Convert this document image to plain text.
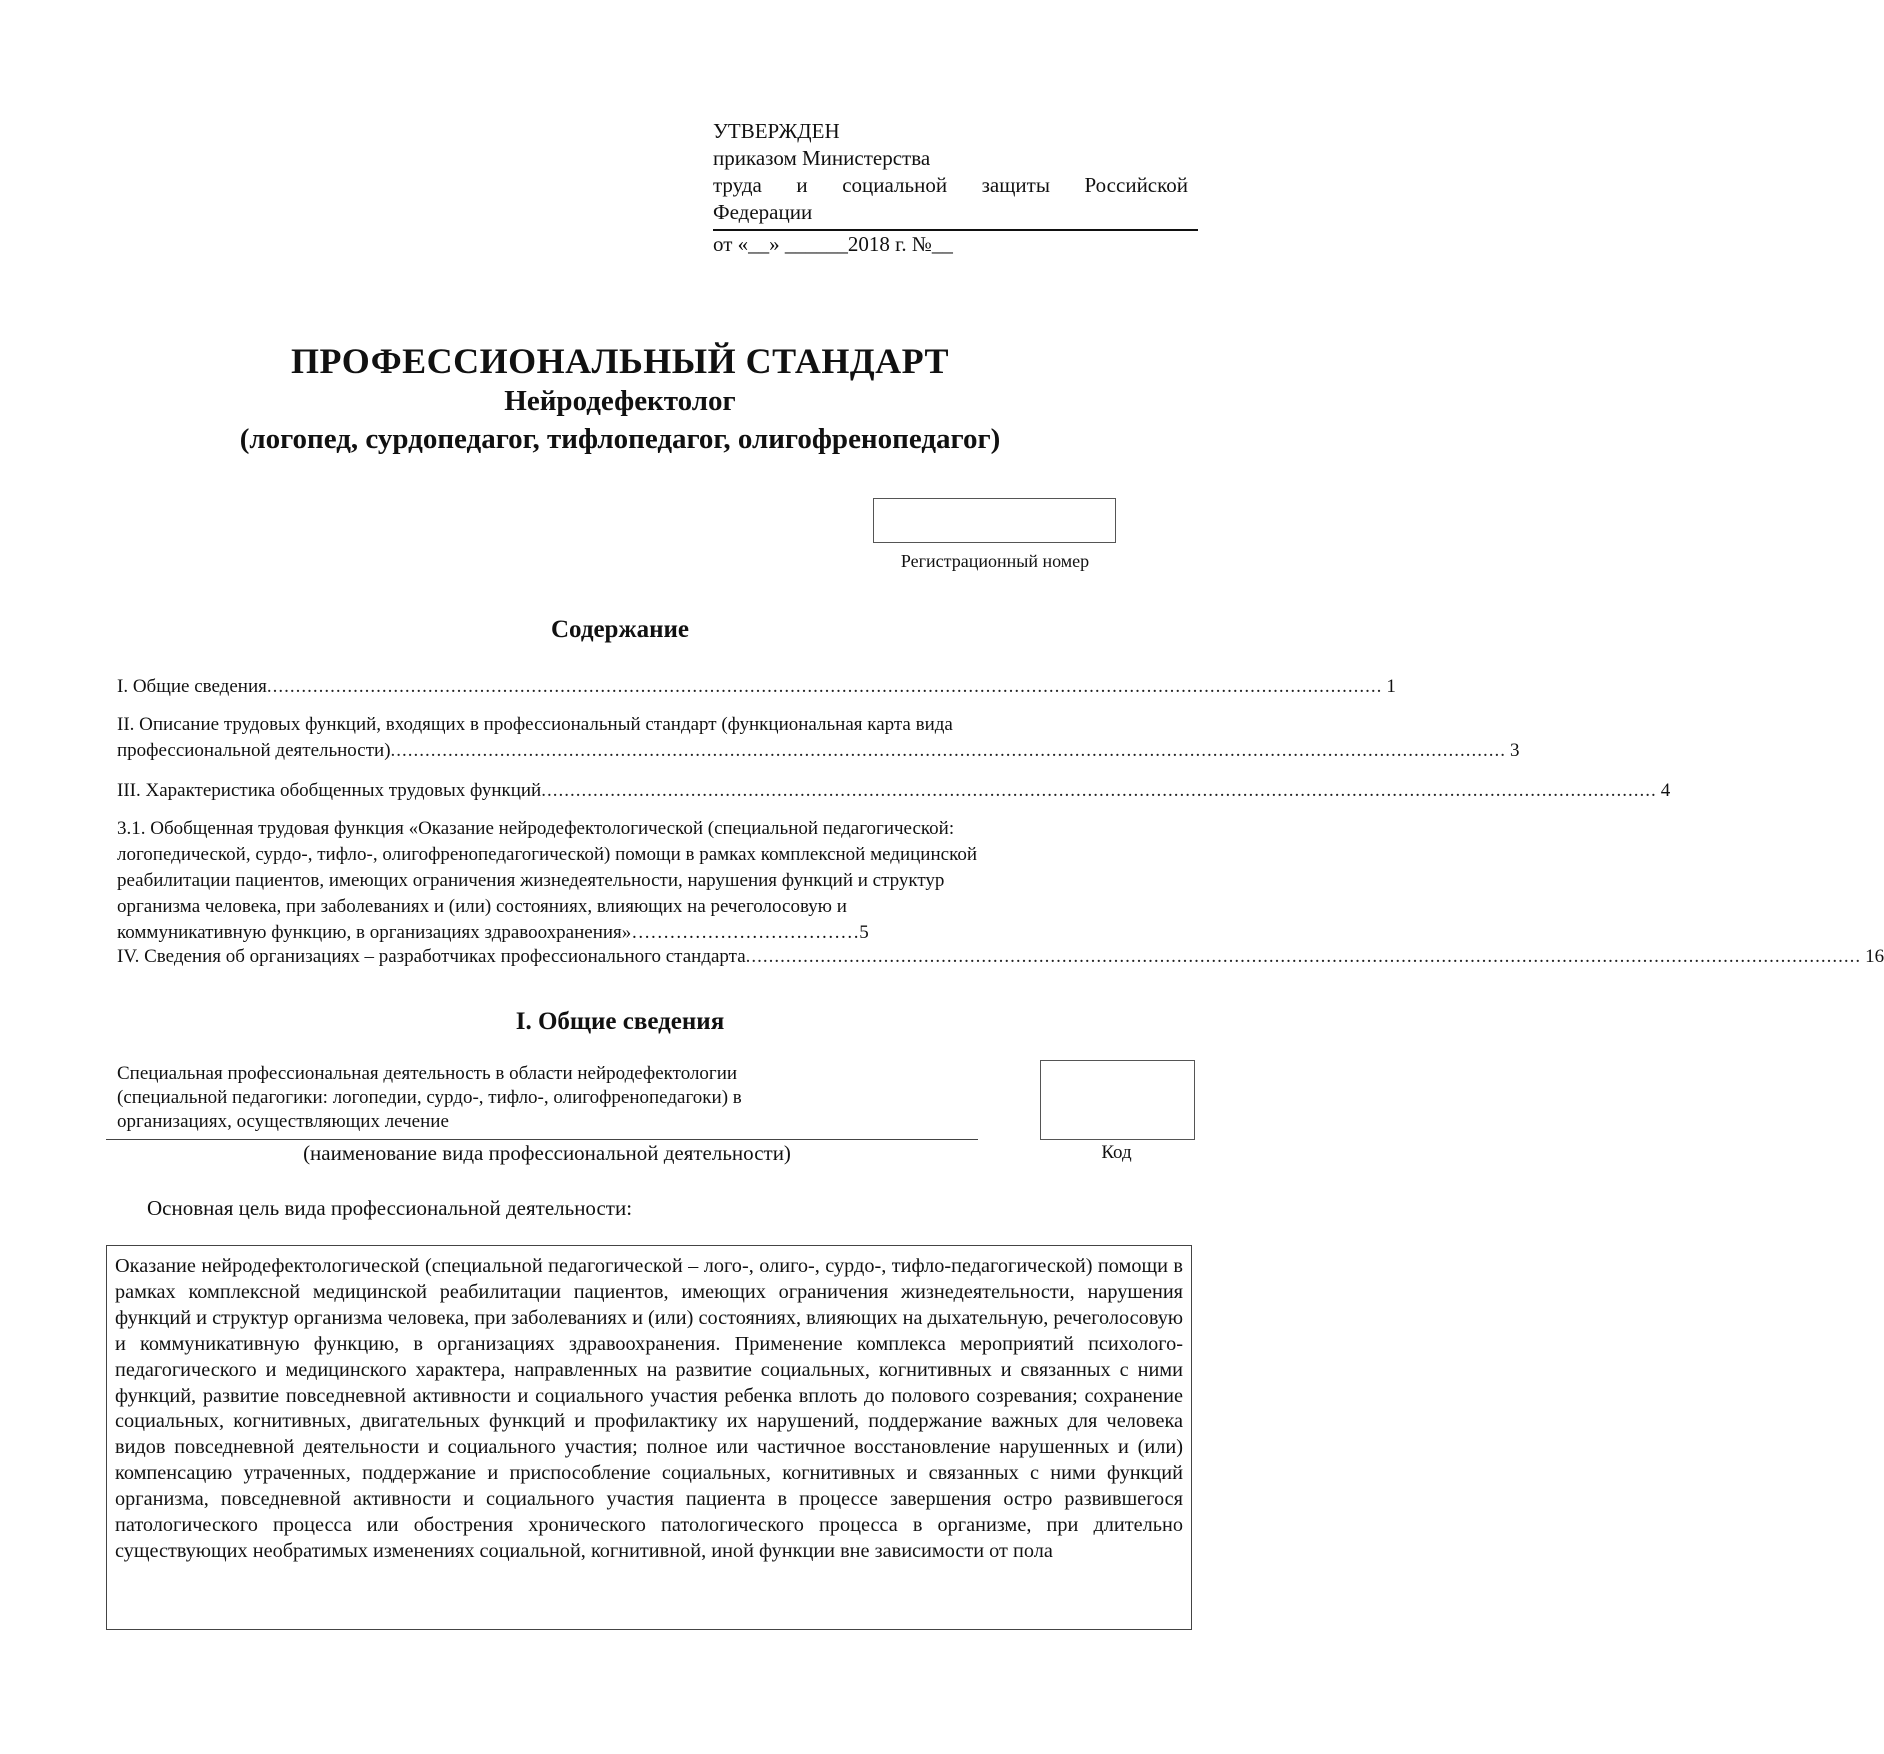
УТВЕРЖДЕН
приказом Министерства
труда и социальной защиты Российской
Федерации
от «__» ______2018 г. №__
ПРОФЕССИОНАЛЬНЫЙ СТАНДАРТ
Нейродефектолог
(логопед, сурдопедагог, тифлопедагог, олигофренопедагог)
Регистрационный номер
Содержание
I. Общие сведения .................................................................................................................................................................................................. 1
II. Описание трудовых функций, входящих в профессиональный стандарт (функциональная карта вида
профессиональной деятельности) .................................................................................................................................................................................................. 3
III. Характеристика обобщенных трудовых функций .................................................................................................................................................................................................. 4
3.1. Обобщенная трудовая функция «Оказание нейродефектологической (специальной педагогической:
логопедической, сурдо-, тифло-, олигофренопедагогической) помощи в рамках комплексной медицинской
реабилитации пациентов, имеющих ограничения жизнедеятельности, нарушения функций и структур
организма человека, при заболеваниях и (или) состояниях, влияющих на речеголосовую и
коммуникативную функцию, в организациях здравоохранения»………………………………5
IV. Сведения об организациях – разработчиках профессионального стандарта .................................................................................................................................................................................................. 16
I. Общие сведения
Специальная профессиональная деятельность в области нейродефектологии
(специальной педагогики: логопедии, сурдо-, тифло-, олигофренопедагоки) в
организациях, осуществляющих лечение
(наименование вида профессиональной деятельности)	Код
Основная цель вида профессиональной деятельности:
Оказание нейродефектологической (специальной педагогической – лого-, олиго-, сурдо-, тифло-педагогической) помощи в рамках комплексной медицинской реабилитации пациентов, имеющих ограничения жизнедеятельности, нарушения функций и структур организма человека, при заболеваниях и (или) состояниях, влияющих на дыхательную, речеголосовую и коммуникативную функцию, в организациях здравоохранения. Применение комплекса мероприятий психолого-педагогического и медицинского характера, направленных на развитие социальных, когнитивных и связанных с ними функций, развитие повседневной активности и социального участия ребенка вплоть до полового созревания; сохранение социальных, когнитивных, двигательных функций и профилактику их нарушений, поддержание важных для человека видов повседневной деятельности и социального участия; полное или частичное восстановление нарушенных и (или) компенсацию утраченных, поддержание и приспособление социальных, когнитивных и связанных с ними функций организма, повседневной активности и социального участия пациента в процессе завершения остро развившегося патологического процесса или обострения хронического патологического процесса в организме, при длительно существующих необратимых изменениях социальной, когнитивной, иной функции вне зависимости от пола
